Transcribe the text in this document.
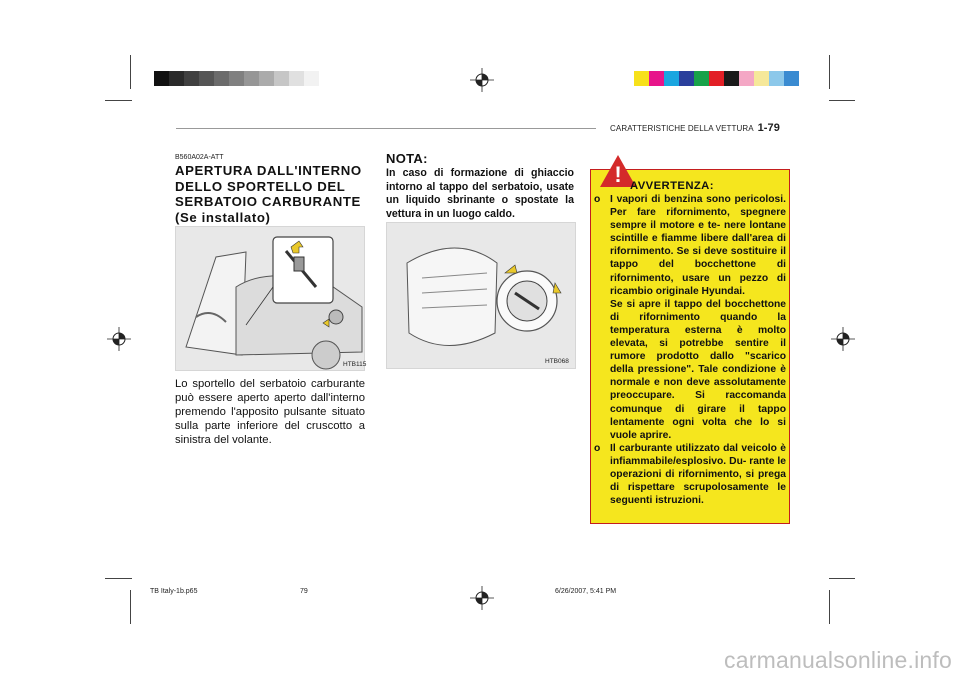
CARATTERISTICHE DELLA VETTURA 1-79
B560A02A-ATT
APERTURA DALL'INTERNO
DELLO SPORTELLO DEL
SERBATOIO CARBURANTE
(Se installato)
HTB115
Lo sportello del serbatoio carburante può essere aperto aperto dall'interno premendo l'apposito pulsante situato sulla parte inferiore del cruscotto a sinistra del volante.
NOTA:
In caso di formazione di ghiaccio intorno al tappo del serbatoio, usate un liquido sbrinante o spostate la vettura in un luogo caldo.
HTB068
! AVVERTENZA:
o I vapori di benzina sono pericolosi. Per fare rifornimento, spegnere sempre il motore e te- nere lontane scintille e fiamme libere dall'area di rifornimento. Se si deve sostituire il tappo del bocchettone di rifornimento, usare un pezzo di ricambio originale Hyundai.
Se si apre il tappo del bocchettone di rifornimento quando la temperatura esterna è molto elevata, si potrebbe sentire il rumore prodotto dallo "scarico della pressione". Tale condizione è normale e non deve assolutamente preoccupare. Si raccomanda comunque di girare il tappo lentamente ogni volta che lo si vuole aprire.
o Il carburante utilizzato dal veicolo è infiammabile/esplosivo. Du- rante le operazioni di rifornimento, si prega di rispettare scrupolosamente le seguenti istruzioni.
TB Italy-1b.p65	79	6/26/2007, 5:41 PM
carmanualsonline.info
